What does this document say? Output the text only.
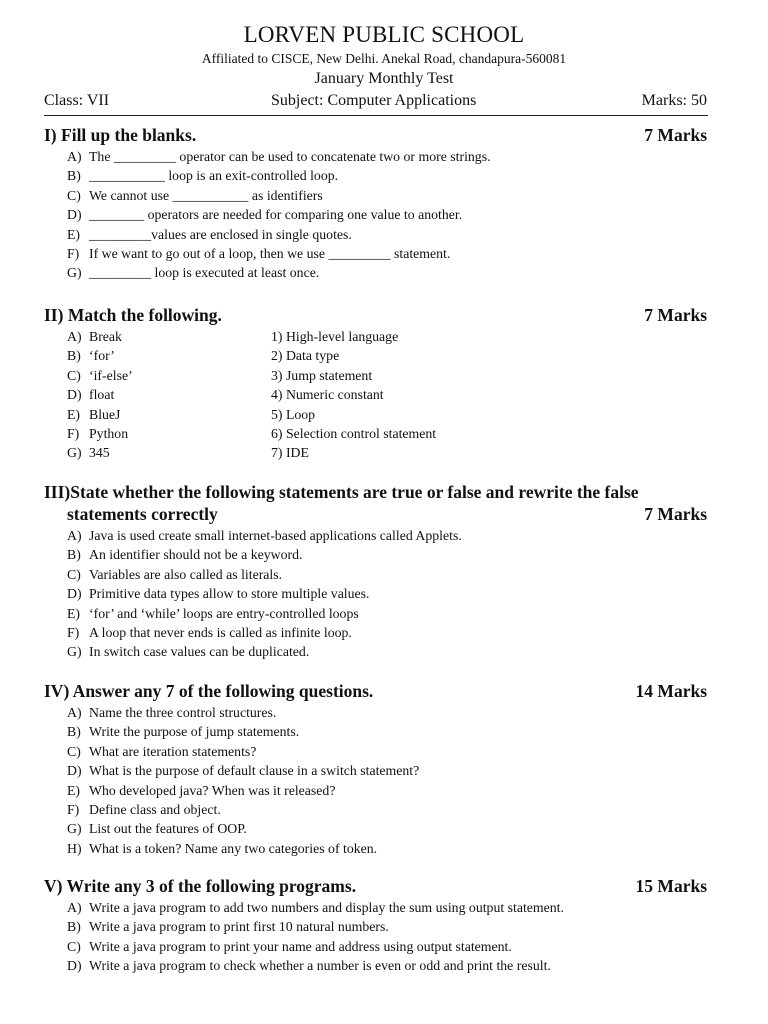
LORVEN PUBLIC SCHOOL
Affiliated to CISCE, New Delhi. Anekal Road, chandapura-560081
January Monthly Test
Class: VII	Subject: Computer Applications	Marks: 50
I) Fill up the blanks.	7 Marks
A) The _________ operator can be used to concatenate two or more strings.
B) ___________ loop is an exit-controlled loop.
C) We cannot use ___________ as identifiers
D) ________ operators are needed for comparing one value to another.
E) _________values are enclosed in single quotes.
F) If we want to go out of a loop, then we use _________ statement.
G) _________ loop is executed at least once.
II) Match the following.	7 Marks
A) Break	1) High-level language
B) ‘for’	2) Data type
C) ‘if-else’	3) Jump statement
D) float	4) Numeric constant
E) BlueJ	5) Loop
F) Python	6) Selection control statement
G) 345	7) IDE
III)State whether the following statements are true or false and rewrite the false
statements correctly	7 Marks
A) Java is used create small internet-based applications called Applets.
B) An identifier should not be a keyword.
C) Variables are also called as literals.
D) Primitive data types allow to store multiple values.
E) ‘for’ and ‘while’ loops are entry-controlled loops
F) A loop that never ends is called as infinite loop.
G) In switch case values can be duplicated.
IV) Answer any 7 of the following questions.	14 Marks
A) Name the three control structures.
B) Write the purpose of jump statements.
C) What are iteration statements?
D) What is the purpose of default clause in a switch statement?
E) Who developed java? When was it released?
F) Define class and object.
G) List out the features of OOP.
H) What is a token? Name any two categories of token.
V) Write any 3 of the following programs.	15 Marks
A) Write a java program to add two numbers and display the sum using output statement.
B) Write a java program to print first 10 natural numbers.
C) Write a java program to print your name and address using output statement.
D) Write a java program to check whether a number is even or odd and print the result.
